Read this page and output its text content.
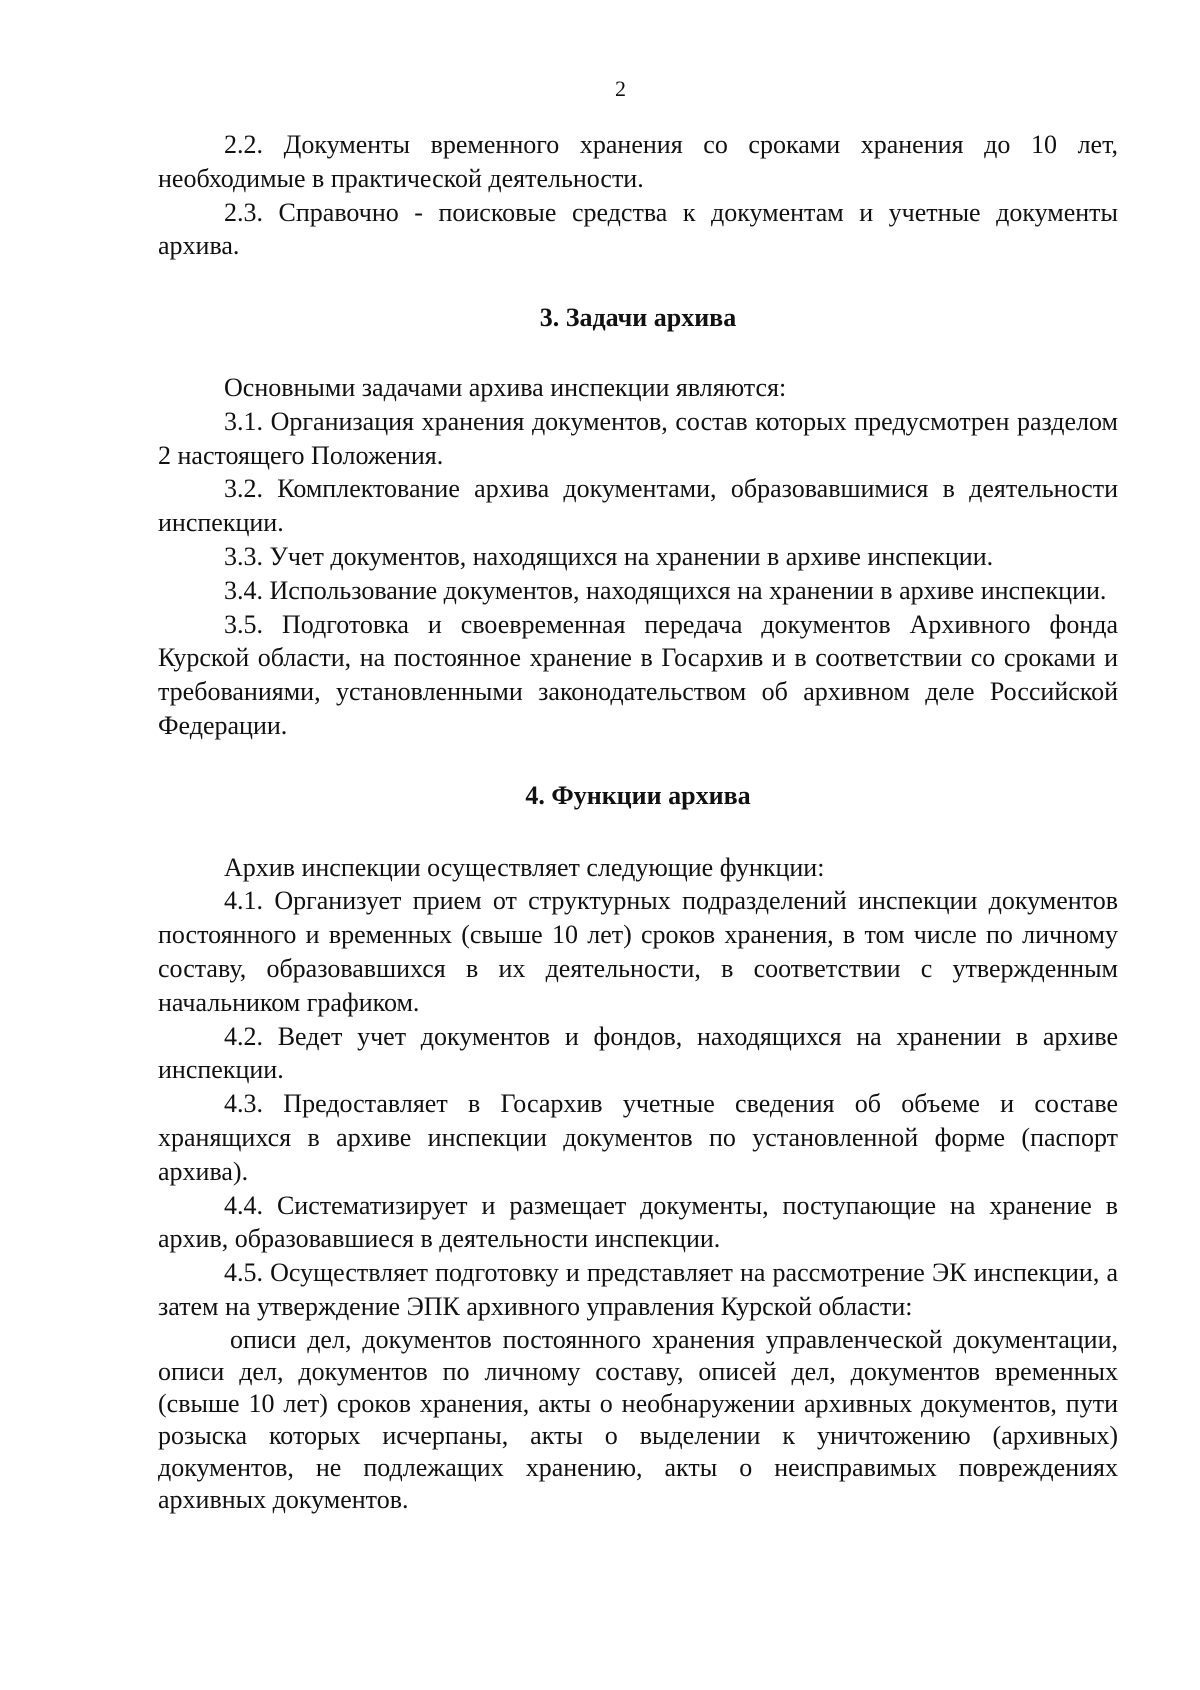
2

2.2. Документы временного хранения со сроками хранения до 10 лет, необходимые в практической деятельности.

2.3. Справочно - поисковые средства к документам и учетные документы архива.

3. Задачи архива

Основными задачами архива инспекции являются:

3.1. Организация хранения документов, состав которых предусмотрен разделом 2 настоящего Положения.

3.2. Комплектование архива документами, образовавшимися в деятельности инспекции.

3.3. Учет документов, находящихся на хранении в архиве инспекции.

3.4. Использование документов, находящихся на хранении в архиве инспекции.

3.5. Подготовка и своевременная передача документов Архивного фонда Курской области, на постоянное хранение в Госархив и в соответствии со сроками и требованиями, установленными законодательством об архивном деле Российской Федерации.

4. Функции архива

Архив инспекции осуществляет следующие функции:

4.1. Организует прием от структурных подразделений инспекции документов постоянного и временных (свыше 10 лет) сроков хранения, в том числе по личному составу, образовавшихся в их деятельности, в соответствии с утвержденным начальником графиком.

4.2. Ведет учет документов и фондов, находящихся на хранении в архиве инспекции.

4.3. Предоставляет в Госархив учетные сведения об объеме и составе хранящихся в архиве инспекции документов по установленной форме (паспорт архива).

4.4. Систематизирует и размещает документы, поступающие на хранение в архив, образовавшиеся в деятельности инспекции.

4.5. Осуществляет подготовку и представляет на рассмотрение ЭК инспекции, а затем на утверждение ЭПК архивного управления Курской области:

описи дел, документов постоянного хранения управленческой документации, описи дел, документов по личному составу, описей дел, документов временных (свыше 10 лет) сроков хранения, акты о необнаружении архивных документов, пути розыска которых исчерпаны, акты о выделении к уничтожению (архивных) документов, не подлежащих хранению, акты о неисправимых повреждениях архивных документов.
